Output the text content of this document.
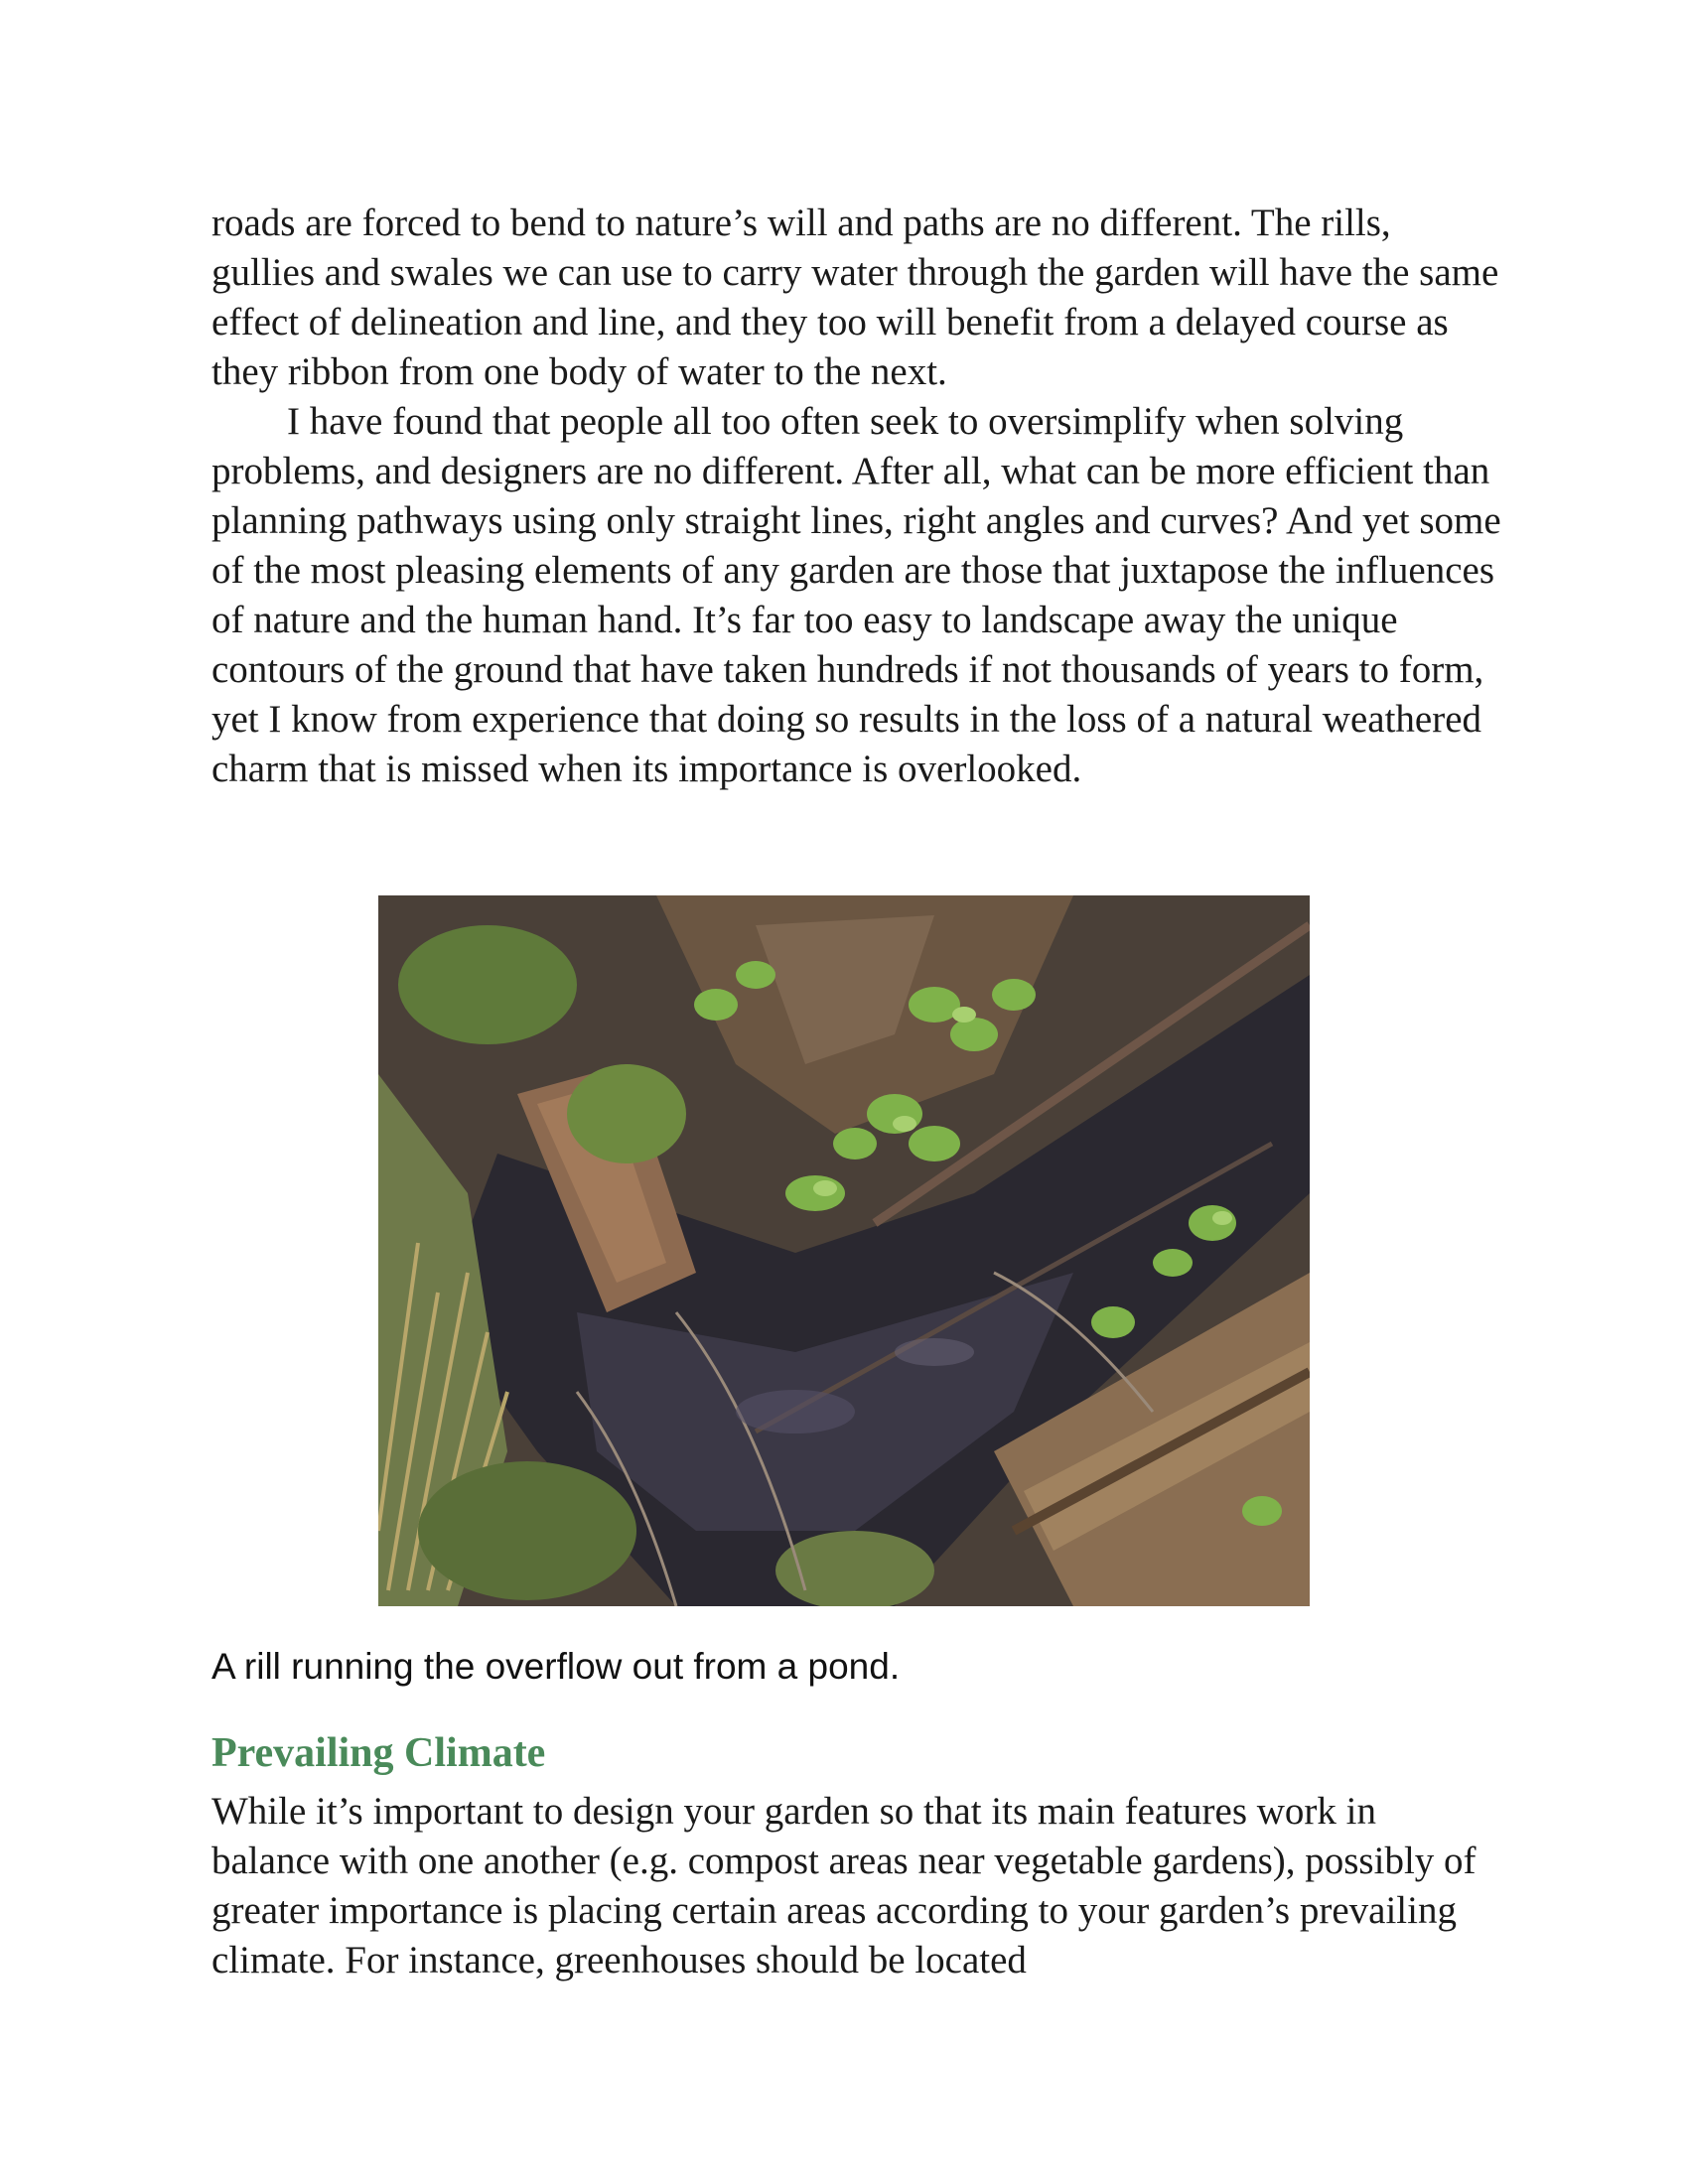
roads are forced to bend to nature’s will and paths are no different. The rills, gullies and swales we can use to carry water through the garden will have the same effect of delineation and line, and they too will benefit from a delayed course as they ribbon from one body of water to the next.

I have found that people all too often seek to oversimplify when solving problems, and designers are no different. After all, what can be more efficient than planning pathways using only straight lines, right angles and curves? And yet some of the most pleasing elements of any garden are those that juxtapose the influences of nature and the human hand. It’s far too easy to landscape away the unique contours of the ground that have taken hundreds if not thousands of years to form, yet I know from experience that doing so results in the loss of a natural weathered charm that is missed when its importance is overlooked.

A rill running the overflow out from a pond.

Prevailing Climate

While it’s important to design your garden so that its main features work in balance with one another (e.g. compost areas near vegetable gardens), possibly of greater importance is placing certain areas according to your garden’s prevailing climate. For instance, greenhouses should be located
